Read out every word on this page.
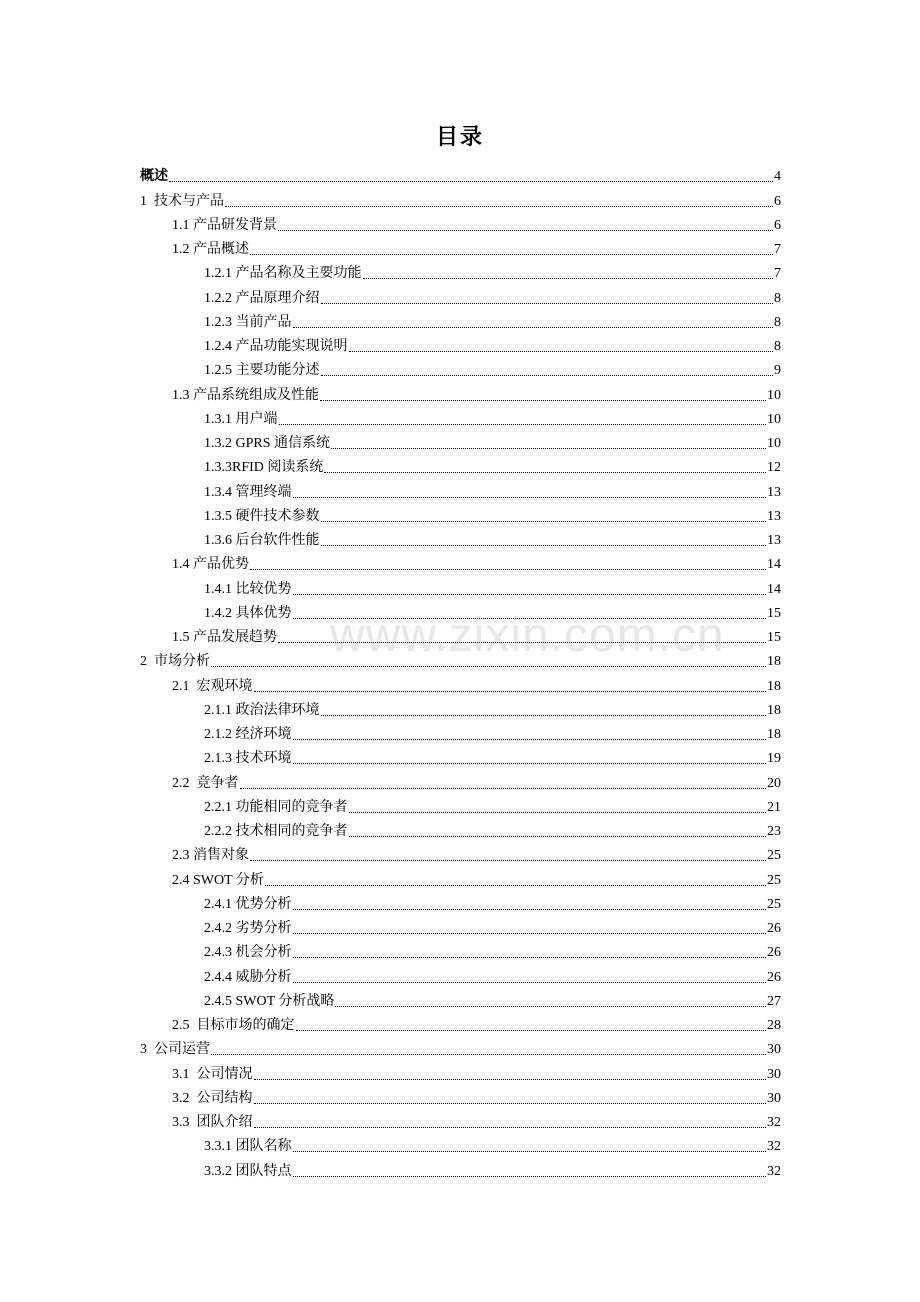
目录
概述	4
1  技术与产品	6
1.1 产品研发背景	6
1.2 产品概述	7
1.2.1 产品名称及主要功能	7
1.2.2 产品原理介绍	8
1.2.3 当前产品	8
1.2.4 产品功能实现说明	8
1.2.5 主要功能分述	9
1.3 产品系统组成及性能	10
1.3.1 用户端	10
1.3.2 GPRS 通信系统	10
1.3.3RFID 阅读系统	12
1.3.4 管理终端	13
1.3.5 硬件技术参数	13
1.3.6 后台软件性能	13
1.4 产品优势	14
1.4.1 比较优势	14
1.4.2 具体优势	15
1.5 产品发展趋势	15
2  市场分析	18
2.1  宏观环境	18
2.1.1 政治法律环境	18
2.1.2 经济环境	18
2.1.3 技术环境	19
2.2  竞争者	20
2.2.1 功能相同的竞争者	21
2.2.2 技术相同的竞争者	23
2.3 消售对象	25
2.4 SWOT 分析	25
2.4.1 优势分析	25
2.4.2 劣势分析	26
2.4.3 机会分析	26
2.4.4 威胁分析	26
2.4.5 SWOT 分析战略	27
2.5  目标市场的确定	28
3  公司运营	30
3.1  公司情况	30
3.2  公司结构	30
3.3  团队介绍	32
3.3.1 团队名称	32
3.3.2 团队特点	32
www.zixin.com.cn
